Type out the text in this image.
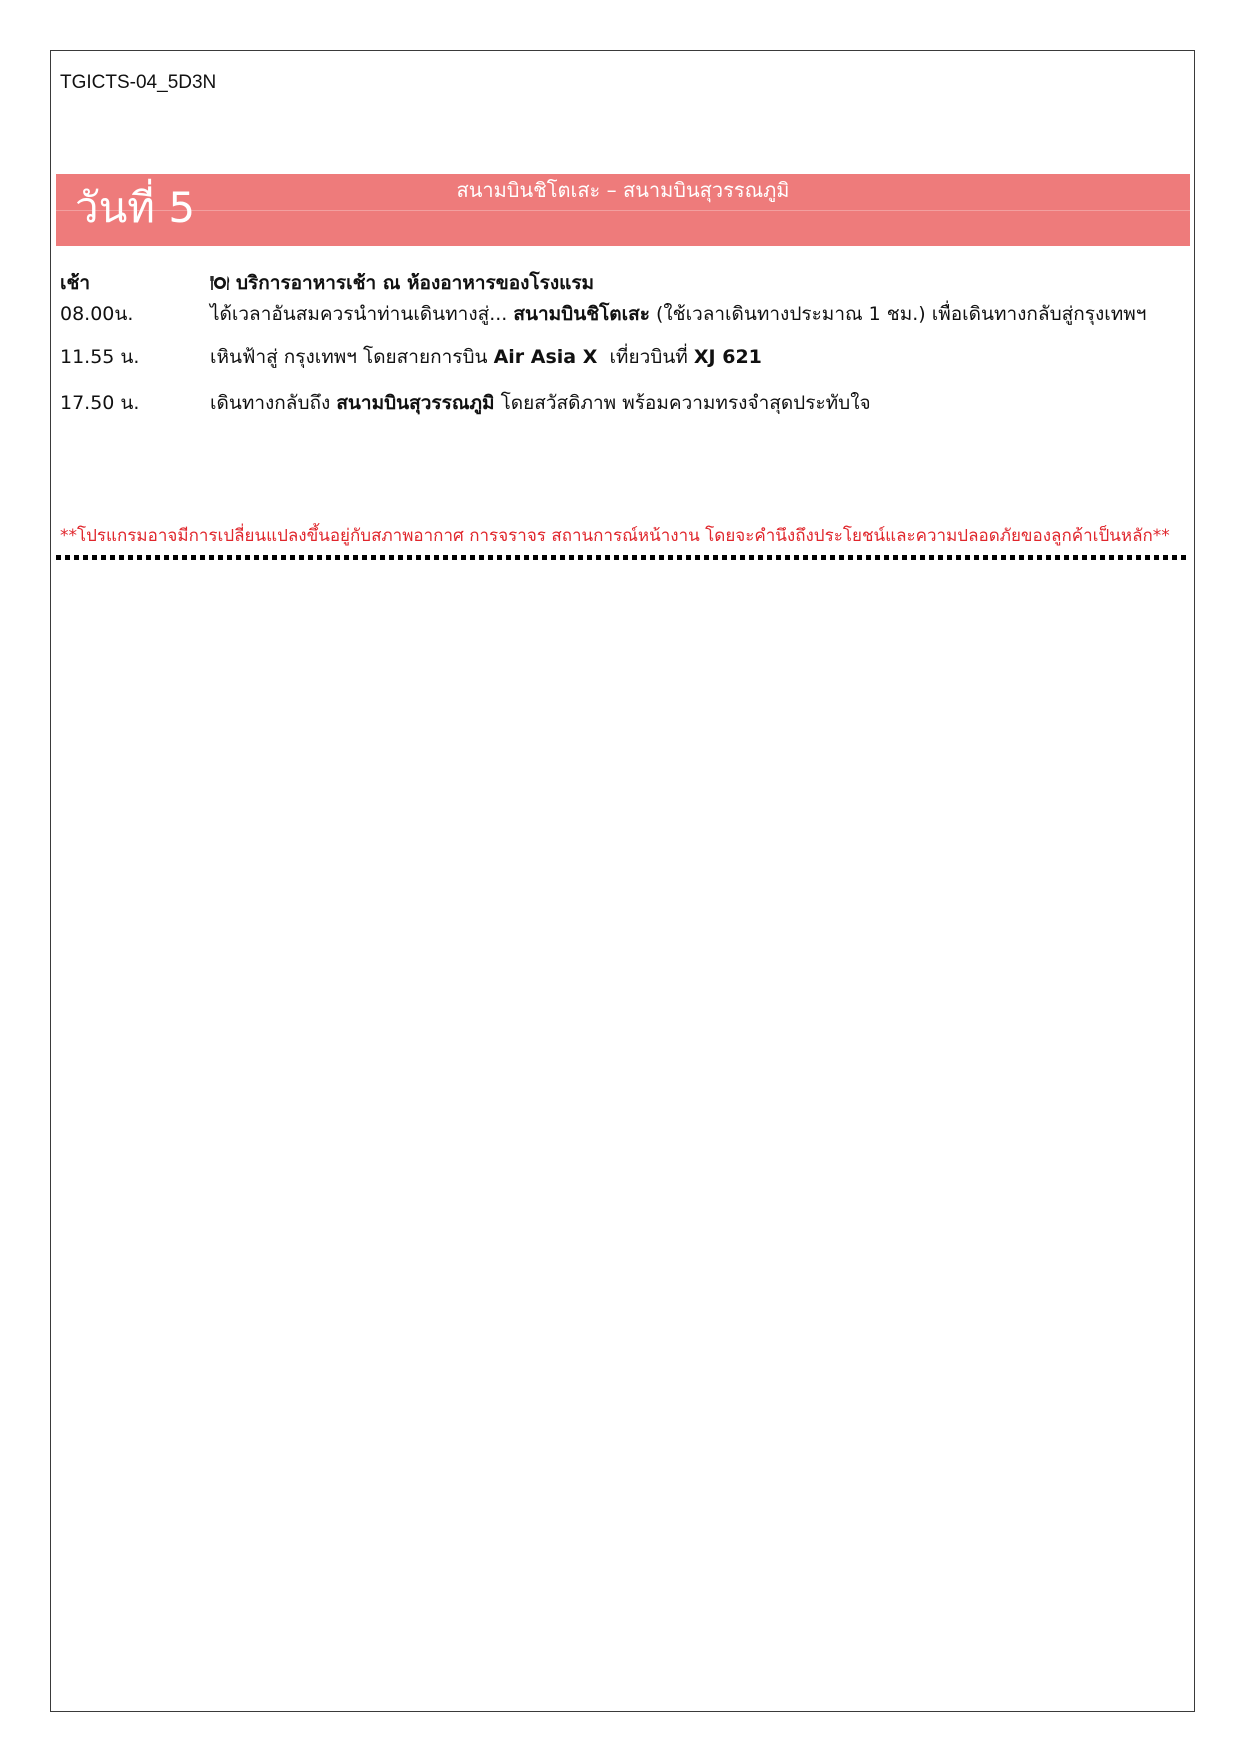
TGICTS-04_5D3N
สนามบินชิโตเสะ – สนามบินสุวรรณภูมิ
วันที่ 5
เช้า	บริการอาหารเช้า ณ ห้องอาหารของโรงแรม
08.00น.	ได้เวลาอันสมควรนำท่านเดินทางสู่... สนามบินชิโตเสะ (ใช้เวลาเดินทางประมาณ 1 ชม.) เพื่อเดินทางกลับสู่กรุงเทพฯ
11.55 น.	เหินฟ้าสู่ กรุงเทพฯ โดยสายการบิน Air Asia X เที่ยวบินที่ XJ 621
17.50 น.	เดินทางกลับถึง สนามบินสุวรรณภูมิ โดยสวัสดิภาพ พร้อมความทรงจำสุดประทับใจ
**โปรแกรมอาจมีการเปลี่ยนแปลงขึ้นอยู่กับสภาพอากาศ การจราจร สถานการณ์หน้างาน โดยจะคำนึงถึงประโยชน์และความปลอดภัยของลูกค้าเป็นหลัก**
